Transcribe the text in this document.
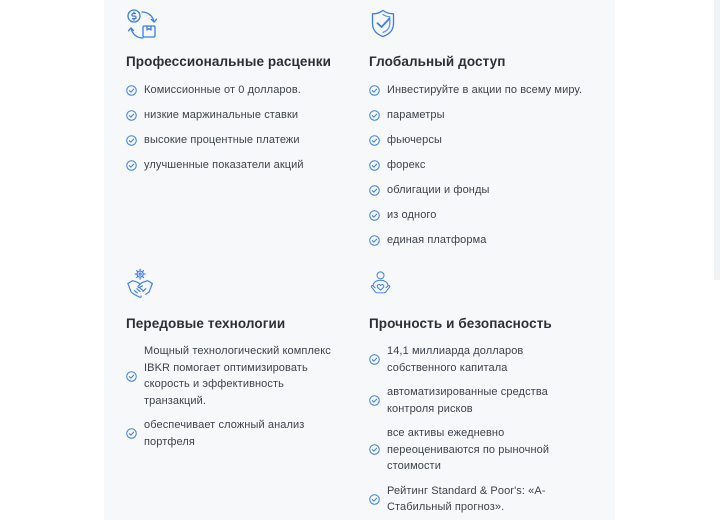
Профессиональные расценки
Комиссионные от 0 долларов.
низкие маржинальные ставки
высокие процентные платежи
улучшенные показатели акций
Глобальный доступ
Инвестируйте в акции по всему миру.
параметры
фьючерсы
форекс
облигации и фонды
из одного
единая платформа
Передовые технологии
Мощный технологический комплекс IBKR помогает оптимизировать скорость и эффективность транзакций.
обеспечивает сложный анализ портфеля
Прочность и безопасность
14,1 миллиарда долларов собственного капитала
автоматизированные средства контроля рисков
все активы ежедневно переоцениваются по рыночной стоимости
Рейтинг Standard & Poor's: «A-Стабильный прогноз».
